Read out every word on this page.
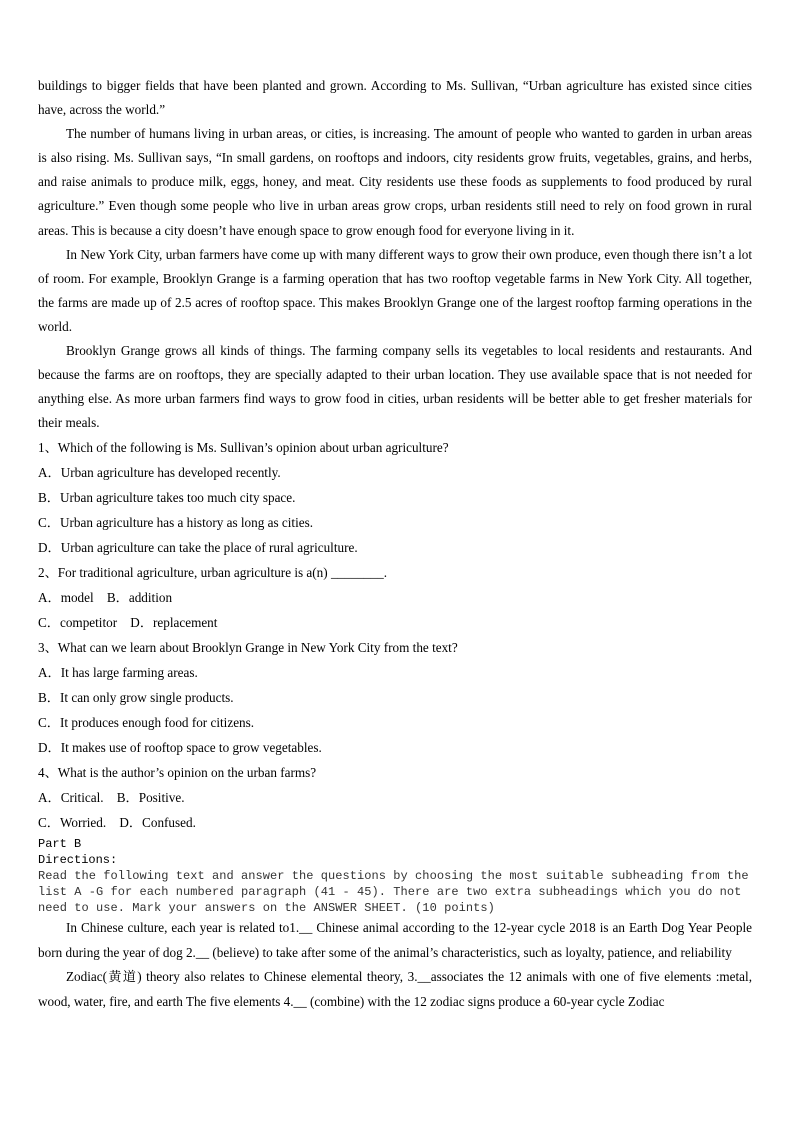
buildings to bigger fields that have been planted and grown. According to Ms. Sullivan, “Urban agriculture has existed since cities have, across the world.”

The number of humans living in urban areas, or cities, is increasing. The amount of people who wanted to garden in urban areas is also rising. Ms. Sullivan says, “In small gardens, on rooftops and indoors, city residents grow fruits, vegetables, grains, and herbs, and raise animals to produce milk, eggs, honey, and meat. City residents use these foods as supplements to food produced by rural agriculture.” Even though some people who live in urban areas grow crops, urban residents still need to rely on food grown in rural areas. This is because a city doesn’t have enough space to grow enough food for everyone living in it.

In New York City, urban farmers have come up with many different ways to grow their own produce, even though there isn’t a lot of room. For example, Brooklyn Grange is a farming operation that has two rooftop vegetable farms in New York City. All together, the farms are made up of 2.5 acres of rooftop space. This makes Brooklyn Grange one of the largest rooftop farming operations in the world.

Brooklyn Grange grows all kinds of things. The farming company sells its vegetables to local residents and restaurants. And because the farms are on rooftops, they are specially adapted to their urban location. They use available space that is not needed for anything else. As more urban farmers find ways to grow food in cities, urban residents will be better able to get fresher materials for their meals.

1、Which of the following is Ms. Sullivan’s opinion about urban agriculture?

A．Urban agriculture has developed recently.

B．Urban agriculture takes too much city space.

C．Urban agriculture has a history as long as cities.

D．Urban agriculture can take the place of rural agriculture.

2、For traditional agriculture, urban agriculture is a(n) ________.

A．model    B．addition

C．competitor    D．replacement

3、What can we learn about Brooklyn Grange in New York City from the text?

A．It has large farming areas.

B．It can only grow single products.

C．It produces enough food for citizens.

D．It makes use of rooftop space to grow vegetables.

4、What is the author’s opinion on the urban farms?

A．Critical.    B．Positive.

C．Worried.    D．Confused.

Part B

Directions:

Read the following text and answer the questions by choosing the most suitable subheading from the list A -G for each numbered paragraph (41 - 45). There are two extra subheadings which you do not need to use. Mark your answers on the ANSWER SHEET. (10 points)

In Chinese culture, each year is related to1.__ Chinese animal according to the 12-year cycle 2018 is an Earth Dog Year People born during the year of dog 2.__ (believe) to take after some of the animal’s characteristics, such as loyalty, patience, and reliability

Zodiac(黄道) theory also relates to Chinese elemental theory, 3.__associates the 12 animals with one of five elements :metal, wood, water, fire, and earth The five elements 4.__ (combine) with the 12 zodiac signs produce a 60-year cycle Zodiac
